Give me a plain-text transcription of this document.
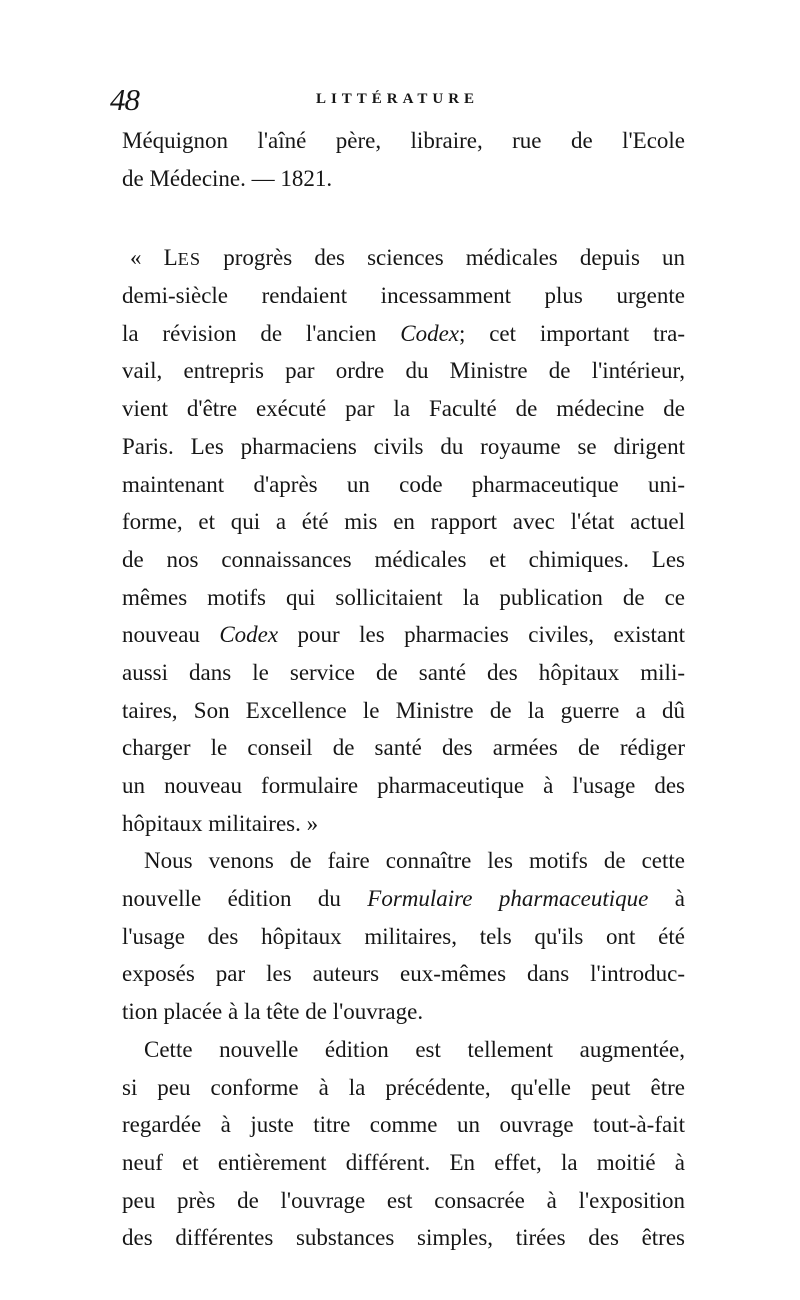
48	LITTÉRATURE
Méquignon l'aîné père, libraire, rue de l'Ecole
de Médecine. — 1821.
« LES progrès des sciences médicales depuis un
demi-siècle rendaient incessamment plus urgente
la révision de l'ancien Codex; cet important tra-
vail, entrepris par ordre du Ministre de l'intérieur,
vient d'être exécuté par la Faculté de médecine de
Paris. Les pharmaciens civils du royaume se dirigent
maintenant d'après un code pharmaceutique uni-
forme, et qui a été mis en rapport avec l'état actuel
de nos connaissances médicales et chimiques. Les
mêmes motifs qui sollicitaient la publication de ce
nouveau Codex pour les pharmacies civiles, existant
aussi dans le service de santé des hôpitaux mili-
taires, Son Excellence le Ministre de la guerre a dû
charger le conseil de santé des armées de rédiger
un nouveau formulaire pharmaceutique à l'usage des
hôpitaux militaires. »
Nous venons de faire connaître les motifs de cette
nouvelle édition du Formulaire pharmaceutique à
l'usage des hôpitaux militaires, tels qu'ils ont été
exposés par les auteurs eux-mêmes dans l'introduc-
tion placée à la tête de l'ouvrage.
Cette nouvelle édition est tellement augmentée,
si peu conforme à la précédente, qu'elle peut être
regardée à juste titre comme un ouvrage tout-à-fait
neuf et entièrement différent. En effet, la moitié à
peu près de l'ouvrage est consacrée à l'exposition
des différentes substances simples, tirées des êtres
